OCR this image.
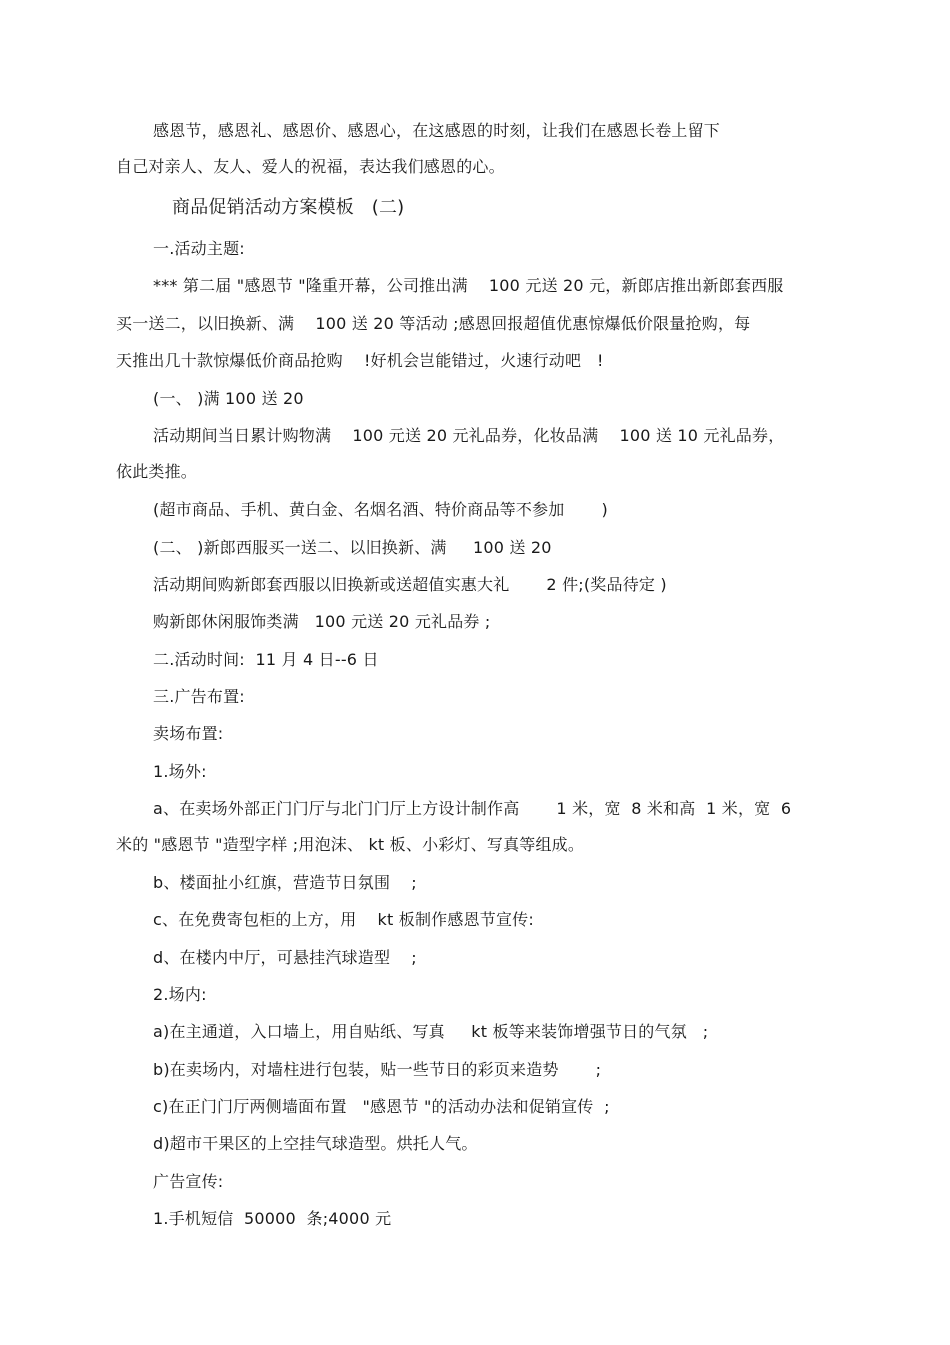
感恩节，感恩礼、感恩价、感恩心，在这感恩的时刻，让我们在感恩长卷上留下
自己对亲人、友人、爱人的祝福，表达我们感恩的心。
商品促销活动方案模板   (二)
一.活动主题:
*** 第二届 "感恩节 "隆重开幕，公司推出满    100 元送 20 元，新郎店推出新郎套西服
买一送二，以旧换新、满    100 送 20 等活动 ;感恩回报超值优惠惊爆低价限量抢购，每
天推出几十款惊爆低价商品抢购    !好机会岂能错过，火速行动吧   !
(一、 )满 100 送 20
活动期间当日累计购物满    100 元送 20 元礼品券，化妆品满    100 送 10 元礼品券，
依此类推。
(超市商品、手机、黄白金、名烟名酒、特价商品等不参加       )
(二、 )新郎西服买一送二、以旧换新、满     100 送 20
活动期间购新郎套西服以旧换新或送超值实惠大礼       2 件;(奖品待定 )
购新郎休闲服饰类满   100 元送 20 元礼品券 ;
二.活动时间:  11 月 4 日--6 日
三.广告布置:
卖场布置:
1.场外:
a、在卖场外部正门门厅与北门门厅上方设计制作高       1 米，宽  8 米和高  1 米，宽  6
米的 "感恩节 "造型字样 ;用泡沫、 kt 板、小彩灯、写真等组成。
b、楼面扯小红旗，营造节日氛围    ;
c、在免费寄包柜的上方，用    kt 板制作感恩节宣传:
d、在楼内中厅，可悬挂汽球造型    ;
2.场内:
a)在主通道，入口墙上，用自贴纸、写真     kt 板等来装饰增强节日的气氛   ;
b)在卖场内，对墙柱进行包装，贴一些节日的彩页来造势       ;
c)在正门门厅两侧墙面布置   "感恩节 "的活动办法和促销宣传  ;
d)超市干果区的上空挂气球造型。烘托人气。
广告宣传:
1.手机短信  50000  条;4000 元
